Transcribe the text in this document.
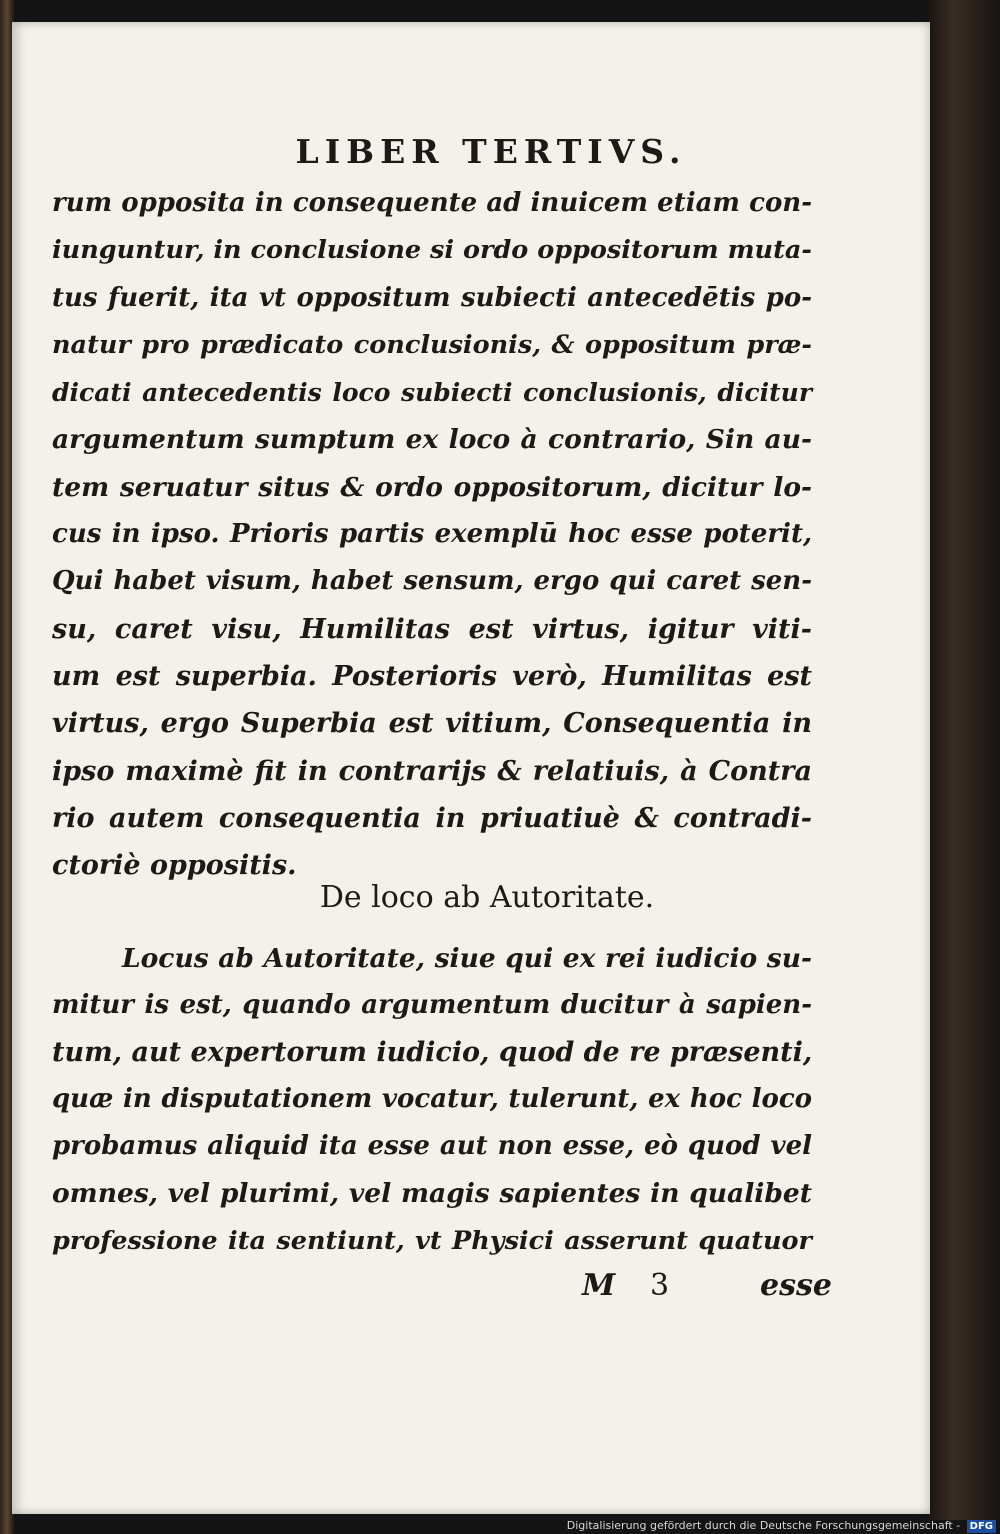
LIBER TERTIVS.
rum opposita in consequente ad inuicem etiam con-
iunguntur, in conclusione si ordo oppositorum muta-
tus fuerit, ita vt oppositum subiecti antecedētis po-
natur pro prædicato conclusionis, & oppositum præ-
dicati antecedentis loco subiecti conclusionis, dicitur
argumentum sumptum ex loco à contrario, Sin au-
tem seruatur situs & ordo oppositorum, dicitur lo-
cus in ipso. Prioris partis exemplū hoc esse poterit,
Qui habet visum, habet sensum, ergo qui caret sen-
su, caret visu, Humilitas est virtus, igitur viti-
um est superbia. Posterioris verò, Humilitas est
virtus, ergo Superbia est vitium, Consequentia in
ipso maximè fit in contrarijs & relatiuis, à Contra
rio autem consequentia in priuatiuè & contradi-
ctoriè oppositis.
De loco ab Autoritate.
Locus ab Autoritate, siue qui ex rei iudicio su-
mitur is est, quando argumentum ducitur à sapien-
tum, aut expertorum iudicio, quod de re præsenti,
quæ in disputationem vocatur, tulerunt, ex hoc loco
probamus aliquid ita esse aut non esse, eò quod vel
omnes, vel plurimi, vel magis sapientes in qualibet
professione ita sentiunt, vt Physici asserunt quatuor
M 3	esse
Digitalisierung gefördert durch die Deutsche Forschungsgemeinschaft - DFG
